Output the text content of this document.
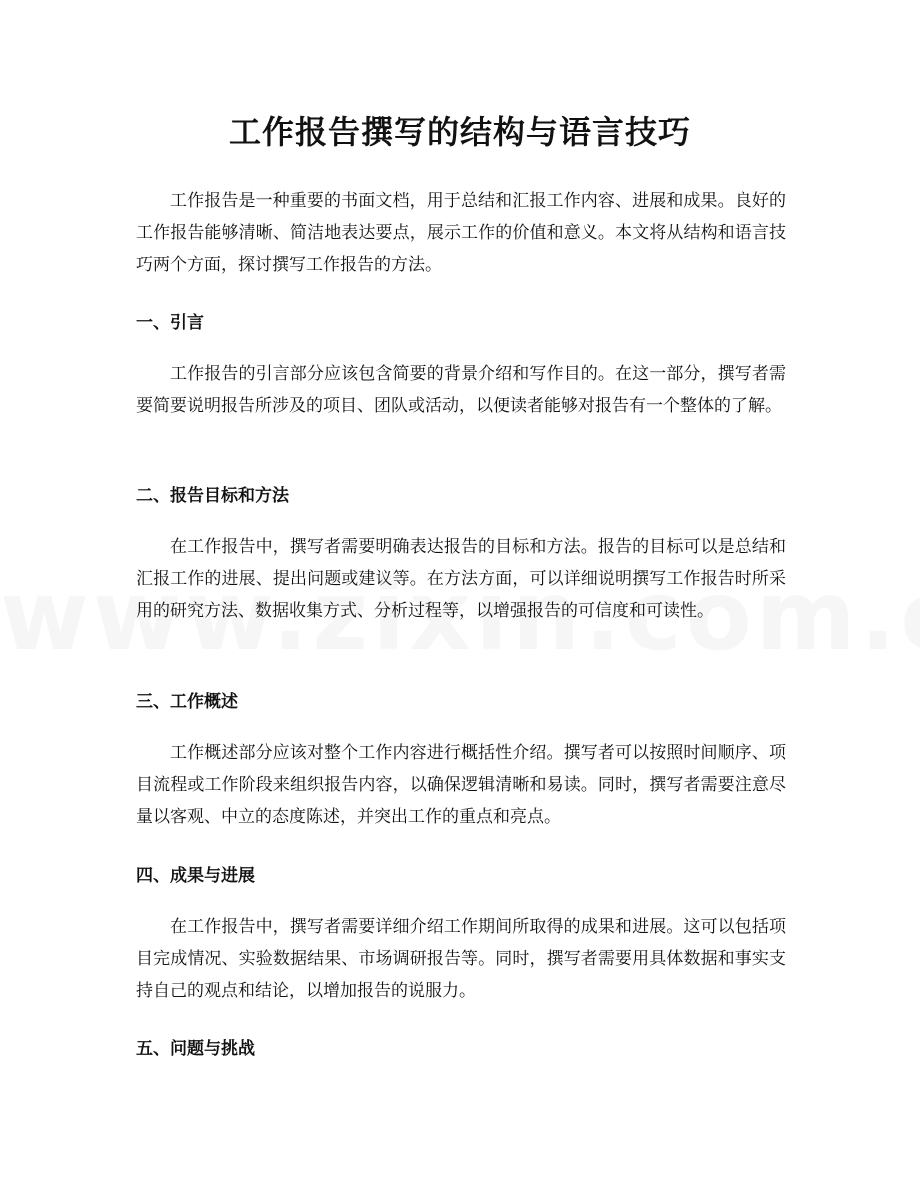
工作报告撰写的结构与语言技巧

工作报告是一种重要的书面文档，用于总结和汇报工作内容、进展和成果。良好的工作报告能够清晰、简洁地表达要点，展示工作的价值和意义。本文将从结构和语言技巧两个方面，探讨撰写工作报告的方法。

一、引言

工作报告的引言部分应该包含简要的背景介绍和写作目的。在这一部分，撰写者需要简要说明报告所涉及的项目、团队或活动，以便读者能够对报告有一个整体的了解。

二、报告目标和方法

在工作报告中，撰写者需要明确表达报告的目标和方法。报告的目标可以是总结和汇报工作的进展、提出问题或建议等。在方法方面，可以详细说明撰写工作报告时所采用的研究方法、数据收集方式、分析过程等，以增强报告的可信度和可读性。

三、工作概述

工作概述部分应该对整个工作内容进行概括性介绍。撰写者可以按照时间顺序、项目流程或工作阶段来组织报告内容，以确保逻辑清晰和易读。同时，撰写者需要注意尽量以客观、中立的态度陈述，并突出工作的重点和亮点。

四、成果与进展

在工作报告中，撰写者需要详细介绍工作期间所取得的成果和进展。这可以包括项目完成情况、实验数据结果、市场调研报告等。同时，撰写者需要用具体数据和事实支持自己的观点和结论，以增加报告的说服力。

五、问题与挑战
